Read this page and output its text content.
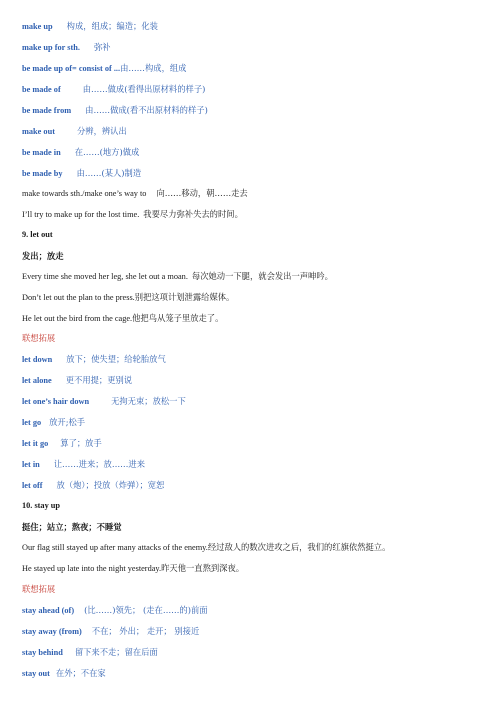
make up 构成，组成；编造；化装
make up for sth. 弥补
be made up of= consist of ...由……构成，组成
be made of	由……做成(看得出原材料的样子)
be made from 由……做成(看不出原材料的样子)
make out	分辨，辨认出
be made in 在……(地方)做成
be made by 由……(某人)制造
make towards sth./make one’s way to 向……移动，朝……走去
I’ll try to make up for the lost time. 我要尽力弥补失去的时间。
9. let out
发出；放走
Every time she moved her leg, she let out a moan. 每次她动一下腿，就会发出一声呻吟。
Don’t let out the plan to the press.别把这项计划泄露给媒体。
He let out the bird from the cage.他把鸟从笼子里放走了。
联想拓展
let down 放下；使失望；给轮胎放气
let alone 更不用提；更别说
let one’s hair down	无拘无束；放松一下
let go 放开;松手
let it go 算了；放手
let in 让……进来；放……进来
let off 放（炮）；投放（炸弹）；宽恕
10. stay up
挺住；站立；熬夜；不睡觉
Our flag still stayed up after many attacks of the enemy.经过敌人的数次进攻之后，我们的红旗依然挺立。
He stayed up late into the night yesterday.昨天他一直熬到深夜。
联想拓展
stay ahead (of) (比……)领先； (走在……的)前面
stay away (from) 不在； 外出； 走开； 别接近
stay behind 留下来不走；留在后面
stay out 在外；不在家
